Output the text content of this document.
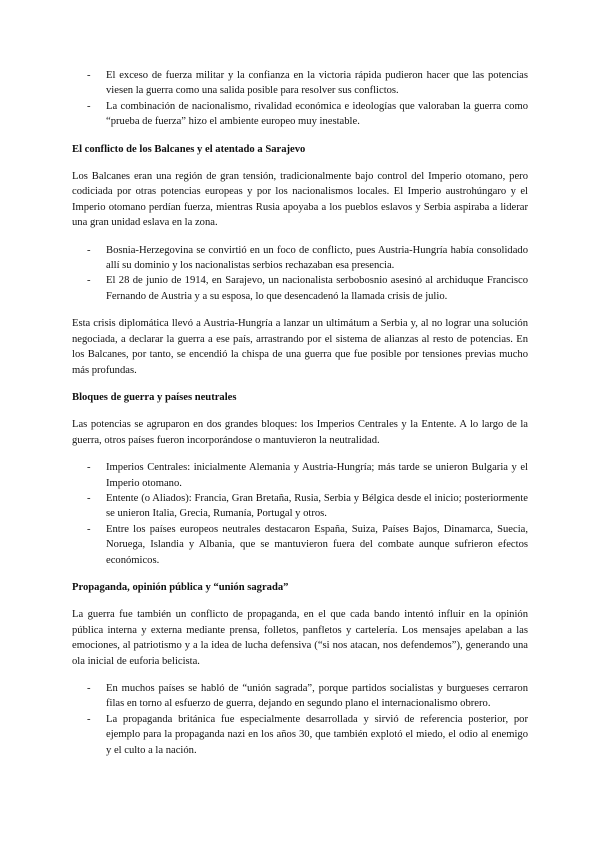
- El exceso de fuerza militar y la confianza en la victoria rápida pudieron hacer que las potencias viesen la guerra como una salida posible para resolver sus conflictos.
- La combinación de nacionalismo, rivalidad económica e ideologías que valoraban la guerra como “prueba de fuerza” hizo el ambiente europeo muy inestable.

El conflicto de los Balcanes y el atentado a Sarajevo

Los Balcanes eran una región de gran tensión, tradicionalmente bajo control del Imperio otomano, pero codiciada por otras potencias europeas y por los nacionalismos locales. El Imperio austrohúngaro y el Imperio otomano perdían fuerza, mientras Rusia apoyaba a los pueblos eslavos y Serbia aspiraba a liderar una gran unidad eslava en la zona.

- Bosnia-Herzegovina se convirtió en un foco de conflicto, pues Austria-Hungría había consolidado allí su dominio y los nacionalistas serbios rechazaban esa presencia.
- El 28 de junio de 1914, en Sarajevo, un nacionalista serbobosnio asesinó al archiduque Francisco Fernando de Austria y a su esposa, lo que desencadenó la llamada crisis de julio.

Esta crisis diplomática llevó a Austria-Hungría a lanzar un ultimátum a Serbia y, al no lograr una solución negociada, a declarar la guerra a ese país, arrastrando por el sistema de alianzas al resto de potencias. En los Balcanes, por tanto, se encendió la chispa de una guerra que fue posible por tensiones previas mucho más profundas.

Bloques de guerra y países neutrales

Las potencias se agruparon en dos grandes bloques: los Imperios Centrales y la Entente. A lo largo de la guerra, otros países fueron incorporándose o mantuvieron la neutralidad.

- Imperios Centrales: inicialmente Alemania y Austria-Hungría; más tarde se unieron Bulgaria y el Imperio otomano.
- Entente (o Aliados): Francia, Gran Bretaña, Rusia, Serbia y Bélgica desde el inicio; posteriormente se unieron Italia, Grecia, Rumanía, Portugal y otros.
- Entre los países europeos neutrales destacaron España, Suiza, Países Bajos, Dinamarca, Suecia, Noruega, Islandia y Albania, que se mantuvieron fuera del combate aunque sufrieron efectos económicos.

Propaganda, opinión pública y “unión sagrada”

La guerra fue también un conflicto de propaganda, en el que cada bando intentó influir en la opinión pública interna y externa mediante prensa, folletos, panfletos y cartelería. Los mensajes apelaban a las emociones, al patriotismo y a la idea de lucha defensiva (“si nos atacan, nos defendemos”), generando una ola inicial de euforia belicista.

- En muchos países se habló de “unión sagrada”, porque partidos socialistas y burgueses cerraron filas en torno al esfuerzo de guerra, dejando en segundo plano el internacionalismo obrero.
- La propaganda británica fue especialmente desarrollada y sirvió de referencia posterior, por ejemplo para la propaganda nazi en los años 30, que también explotó el miedo, el odio al enemigo y el culto a la nación.
